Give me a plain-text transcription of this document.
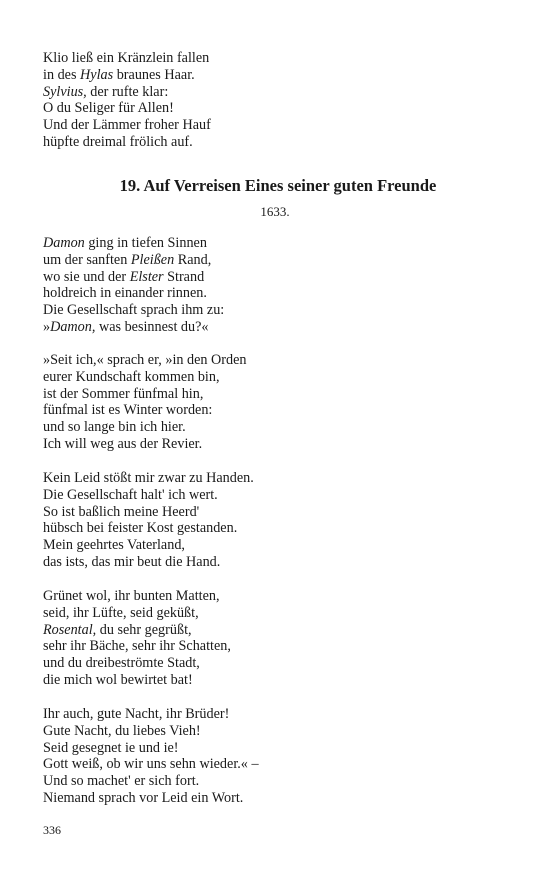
Klio ließ ein Kränzlein fallen
in des Hylas braunes Haar.
Sylvius, der rufte klar:
O du Seliger für Allen!
Und der Lämmer froher Hauf
hüpfte dreimal frölich auf.
19. Auf Verreisen Eines seiner guten Freunde
1633.
Damon ging in tiefen Sinnen
um der sanften Pleißen Rand,
wo sie und der Elster Strand
holdreich in einander rinnen.
Die Gesellschaft sprach ihm zu:
»Damon, was besinnest du?«
»Seit ich,« sprach er, »in den Orden
eurer Kundschaft kommen bin,
ist der Sommer fünfmal hin,
fünfmal ist es Winter worden:
und so lange bin ich hier.
Ich will weg aus der Revier.
Kein Leid stößt mir zwar zu Handen.
Die Gesellschaft halt' ich wert.
So ist baßlich meine Heerd'
hübsch bei feister Kost gestanden.
Mein geehrtes Vaterland,
das ists, das mir beut die Hand.
Grünet wol, ihr bunten Matten,
seid, ihr Lüfte, seid geküßt,
Rosental, du sehr gegrüßt,
sehr ihr Bäche, sehr ihr Schatten,
und du dreibeströmte Stadt,
die mich wol bewirtet bat!
Ihr auch, gute Nacht, ihr Brüder!
Gute Nacht, du liebes Vieh!
Seid gesegnet ie und ie!
Gott weiß, ob wir uns sehn wieder.« –
Und so machet' er sich fort.
Niemand sprach vor Leid ein Wort.
336
